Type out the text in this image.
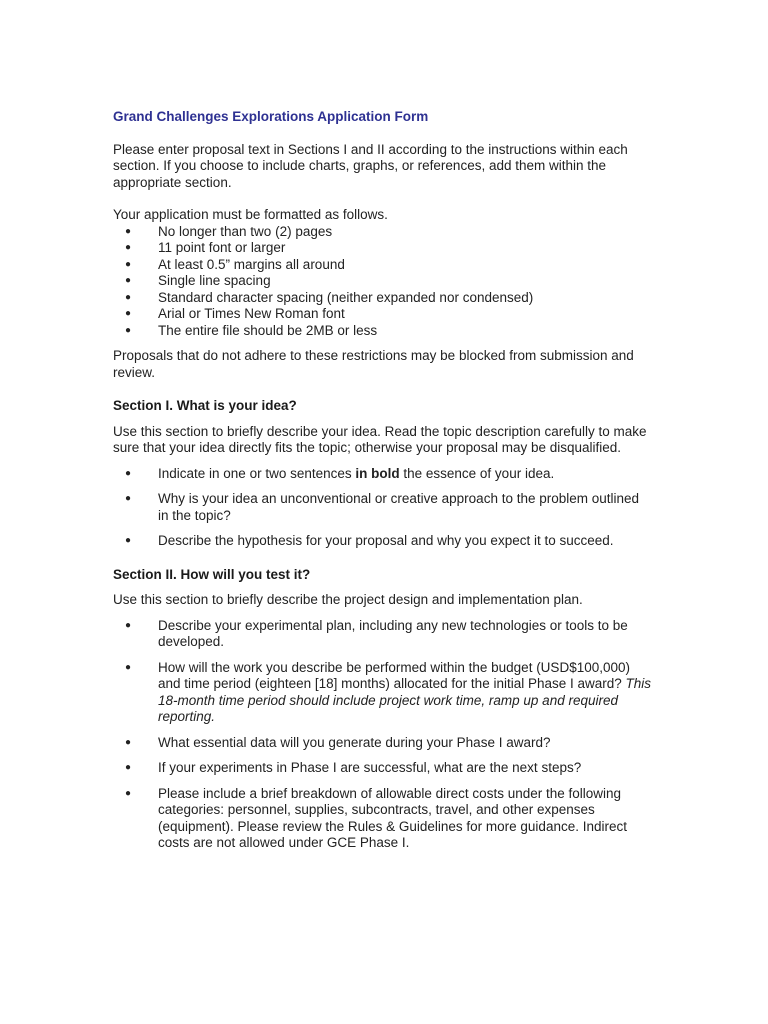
Grand Challenges Explorations Application Form

Please enter proposal text in Sections I and II according to the instructions within each section. If you choose to include charts, graphs, or references, add them within the appropriate section.

Your application must be formatted as follows.

● No longer than two (2) pages
● 11 point font or larger
● At least 0.5” margins all around
● Single line spacing
● Standard character spacing (neither expanded nor condensed)
● Arial or Times New Roman font
● The entire file should be 2MB or less

Proposals that do not adhere to these restrictions may be blocked from submission and review.

Section I. What is your idea?

Use this section to briefly describe your idea. Read the topic description carefully to make sure that your idea directly fits the topic; otherwise your proposal may be disqualified.

● Indicate in one or two sentences in bold the essence of your idea.
● Why is your idea an unconventional or creative approach to the problem outlined in the topic?
● Describe the hypothesis for your proposal and why you expect it to succeed.
Section II. How will you test it?

Use this section to briefly describe the project design and implementation plan.

● Describe your experimental plan, including any new technologies or tools to be developed.
● How will the work you describe be performed within the budget (USD$100,000) and time period (eighteen [18] months) allocated for the initial Phase I award? This 18-month time period should include project work time, ramp up and required reporting.
● What essential data will you generate during your Phase I award?
● If your experiments in Phase I are successful, what are the next steps?
● Please include a brief breakdown of allowable direct costs under the following categories: personnel, supplies, subcontracts, travel, and other expenses (equipment). Please review the Rules & Guidelines for more guidance. Indirect costs are not allowed under GCE Phase I.
